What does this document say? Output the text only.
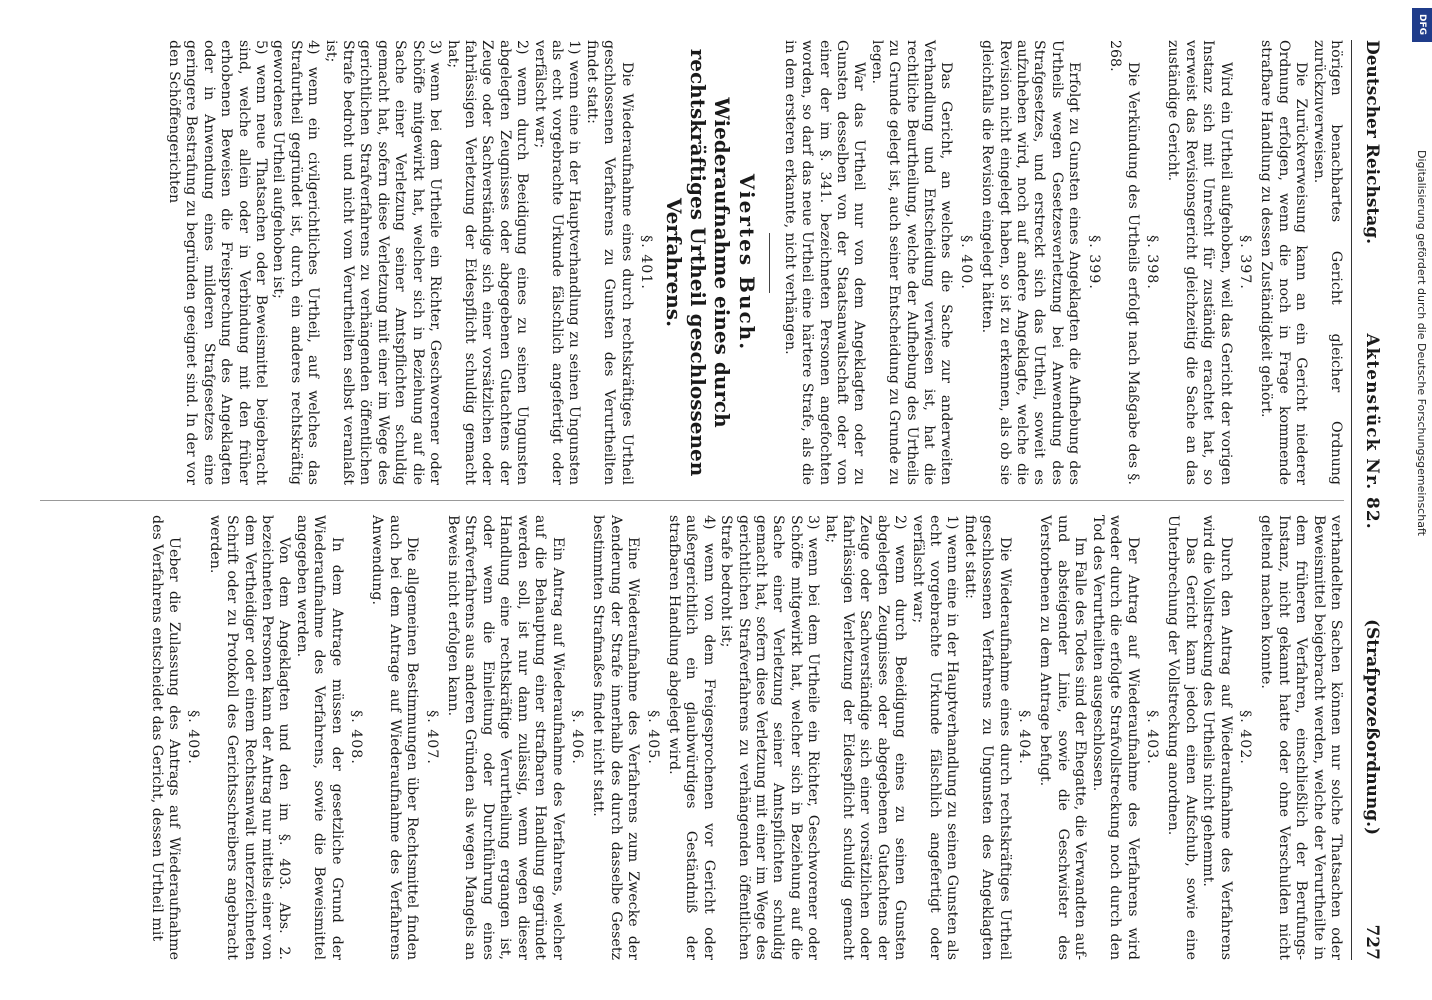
Deutscher Reichstag.
Aktenstück Nr. 82.
(Strafprozeßordnung.)
727

hörigen benachbartes Gericht gleicher Ordnung zurückzuverweisen.

Die Zurückverweisung kann an ein Gericht niederer Ordnung erfolgen, wenn die noch in Frage kommende strafbare Handlung zu dessen Zuständigkeit gehört.

§. 397.

Wird ein Urtheil aufgehoben, weil das Gericht der vorigen Instanz sich mit Unrecht für zuständig erachtet hat, so verweist das Revisionsgericht gleichzeitig die Sache an das zuständige Gericht.

§. 398.

Die Verkündung des Urtheils erfolgt nach Maßgabe des §. 268.

§. 399.

Erfolgt zu Gunsten eines Angeklagten die Aufhebung des Urtheils wegen Gesetzesverletzung bei Anwendung des Strafgesetzes, und erstreckt sich das Urtheil, soweit es aufzuheben wird, noch auf andere Angeklagte, welche die Revision nicht eingelegt haben, so ist zu erkennen, als ob sie gleichfalls die Revision eingelegt hätten.

§. 400.

Das Gericht, an welches die Sache zur anderweiten Verhandlung und Entscheidung verwiesen ist, hat die rechtliche Beurtheilung, welche der Aufhebung des Urtheils zu Grunde gelegt ist, auch seiner Entscheidung zu Grunde zu legen.

War das Urtheil nur von dem Angeklagten oder zu Gunsten desselben von der Staatsanwaltschaft oder von einer der im §. 341. bezeichneten Personen angefochten worden, so darf das neue Urtheil eine härtere Strafe, als die in dem ersteren erkannte, nicht verhängen.

Viertes Buch.

Wiederaufnahme eines durch rechtskräftiges Urtheil geschlossenen Verfahrens.

§. 401.

Die Wiederaufnahme eines durch rechtskräftiges Urtheil geschlossenen Verfahrens zu Gunsten des Verurtheilten findet statt:

1) wenn eine in der Hauptverhandlung zu seinen Ungunsten als echt vorgebrachte Urkunde fälschlich angefertigt oder verfälscht war;

2) wenn durch Beeidigung eines zu seinen Ungunsten abgelegten Zeugnisses oder abgegebenen Gutachtens der Zeuge oder Sachverständige sich einer vorsätzlichen oder fahrlässigen Verletzung der Eidespflicht schuldig gemacht hat;

3) wenn bei dem Urtheile ein Richter, Geschworener oder Schöffe mitgewirkt hat, welcher sich in Beziehung auf die Sache einer Verletzung seiner Amtspflichten schuldig gemacht hat, sofern diese Verletzung mit einer im Wege des gerichtlichen Strafverfahrens zu verhängenden öffentlichen Strafe bedroht und nicht vom Verurtheilten selbst veranlaßt ist;

4) wenn ein civilgerichtliches Urtheil, auf welches das Strafurtheil gegründet ist, durch ein anderes rechtskräftig gewordenes Urtheil aufgehoben ist;

5) wenn neue Thatsachen oder Beweismittel beigebracht sind, welche allein oder in Verbindung mit den früher erhobenen Beweisen die Freisprechung des Angeklagten oder in Anwendung eines milderen Strafgesetzes eine geringere Bestrafung zu begründen geeignet sind. In der vor den Schöffengerichten

verhandelten Sachen können nur solche Thatsachen oder Beweismittel beigebracht werden, welche der Verurtheilte in dem früheren Verfahren, einschließlich der Berufungs-Instanz, nicht gekannt hatte oder ohne Verschulden nicht geltend machen konnte.

§. 402.

Durch den Antrag auf Wiederaufnahme des Verfahrens wird die Vollstreckung des Urtheils nicht gehemmt.

Das Gericht kann jedoch einen Aufschub, sowie eine Unterbrechung der Vollstreckung anordnen.

§. 403.

Der Antrag auf Wiederaufnahme des Verfahrens wird weder durch die erfolgte Strafvollstreckung noch durch den Tod des Verurtheilten ausgeschlossen.

Im Falle des Todes sind der Ehegatte, die Verwandten auf- und absteigender Linie, sowie die Geschwister des Verstorbenen zu dem Antrage befugt.

§. 404.

Die Wiederaufnahme eines durch rechtskräftiges Urtheil geschlossenen Verfahrens zu Ungunsten des Angeklagten findet statt:

1) wenn eine in der Hauptverhandlung zu seinen Gunsten als echt vorgebrachte Urkunde fälschlich angefertigt oder verfälscht war;

2) wenn durch Beeidigung eines zu seinen Gunsten abgelegten Zeugnisses oder abgegebenen Gutachtens der Zeuge oder Sachverständige sich einer vorsätzlichen oder fahrlässigen Verletzung der Eidespflicht schuldig gemacht hat;

3) wenn bei dem Urtheile ein Richter, Geschworener oder Schöffe mitgewirkt hat, welcher sich in Beziehung auf die Sache einer Verletzung seiner Amtspflichten schuldig gemacht hat, sofern diese Verletzung mit einer im Wege des gerichtlichen Strafverfahrens zu verhängenden öffentlichen Strafe bedroht ist;

4) wenn von dem Freigesprochenen vor Gericht oder außergerichtlich ein glaubwürdiges Geständniß der strafbaren Handlung abgelegt wird.

§. 405.

Eine Wiederaufnahme des Verfahrens zum Zwecke der Aenderung der Strafe innerhalb des durch dasselbe Gesetz bestimmten Strafmaßes findet nicht statt.

§. 406.

Ein Antrag auf Wiederaufnahme des Verfahrens, welcher auf die Behauptung einer strafbaren Handlung gegründet werden soll, ist nur dann zulässig, wenn wegen dieser Handlung eine rechtskräftige Verurtheilung ergangen ist, oder wenn die Einleitung oder Durchführung eines Strafverfahrens aus anderen Gründen als wegen Mangels an Beweis nicht erfolgen kann.

§. 407.

Die allgemeinen Bestimmungen über Rechtsmittel finden auch bei dem Antrage auf Wiederaufnahme des Verfahrens Anwendung.

§. 408.

In dem Antrage müssen der gesetzliche Grund der Wiederaufnahme des Verfahrens, sowie die Beweismittel angegeben werden.

Von dem Angeklagten und den im §. 403. Abs. 2. bezeichneten Personen kann der Antrag nur mittels einer von dem Vertheidiger oder einem Rechtsanwalt unterzeichneten Schrift oder zu Protokoll des Gerichtsschreibers angebracht werden.

§. 409.

Ueber die Zulassung des Antrags auf Wiederaufnahme des Verfahrens entscheidet das Gericht, dessen Urtheil mit

DFG
Digitalisierung gefördert durch die Deutsche Forschungsgemeinschaft
